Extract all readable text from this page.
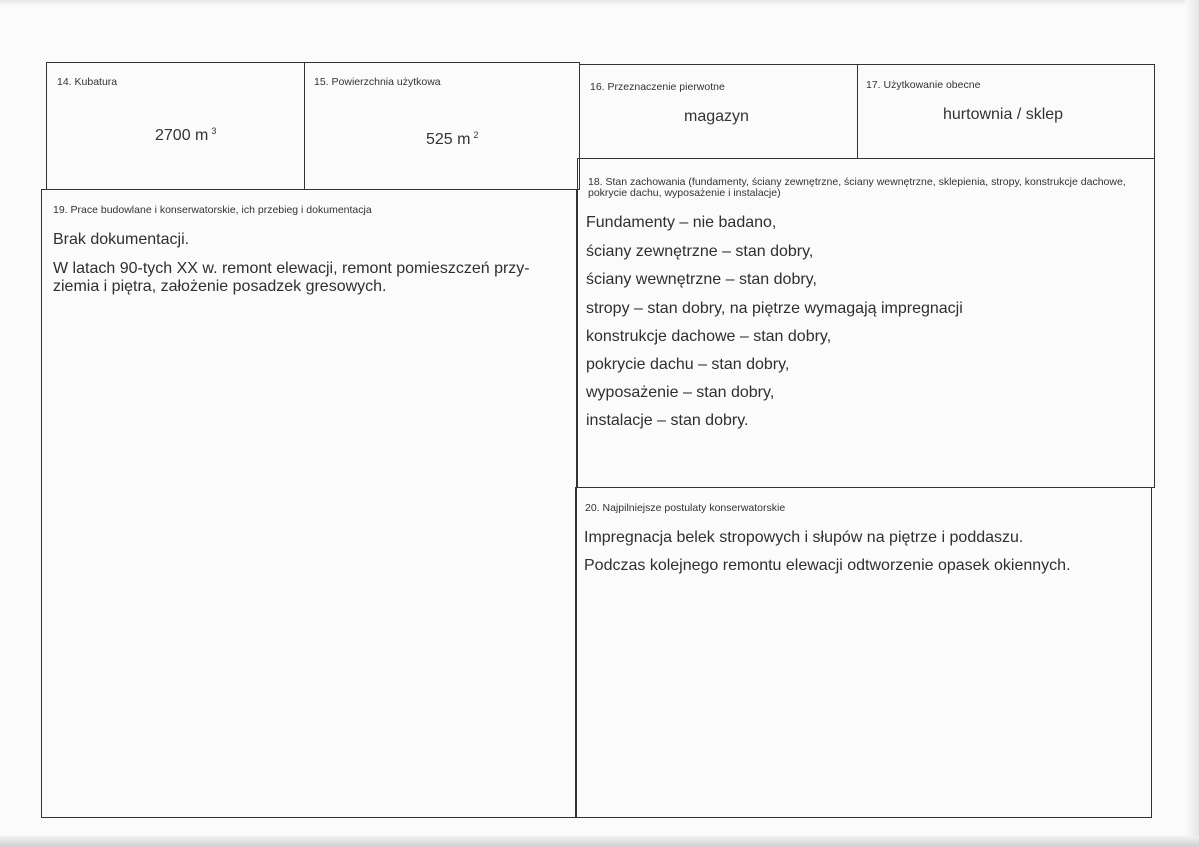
14. Kubatura
2700 m $^3$
15. Powierzchnia użytkowa
525 m $^2$
16. Przeznaczenie pierwotne
magazyn
17. Użytkowanie obecne
hurtownia / sklep
18. Stan zachowania (fundamenty, ściany zewnętrzne, ściany wewnętrzne, sklepienia, stropy, konstrukcje dachowe, pokrycie dachu, wyposażenie i instalacje)
Fundamenty – nie badano,
ściany zewnętrzne – stan dobry,
ściany wewnętrzne – stan dobry,
stropy – stan dobry, na piętrze wymagają impregnacji
konstrukcje dachowe – stan dobry,
pokrycie dachu – stan dobry,
wyposażenie – stan dobry,
instalacje – stan dobry.
19. Prace budowlane i konserwatorskie, ich przebieg i dokumentacja
Brak dokumentacji.
W latach 90-tych XX w. remont elewacji, remont pomieszczeń przy-
ziemia i piętra, założenie posadzek gresowych.
20. Najpilniejsze postulaty konserwatorskie
Impregnacja belek stropowych i słupów na piętrze i poddaszu.
Podczas kolejnego remontu elewacji odtworzenie opasek okiennych.
